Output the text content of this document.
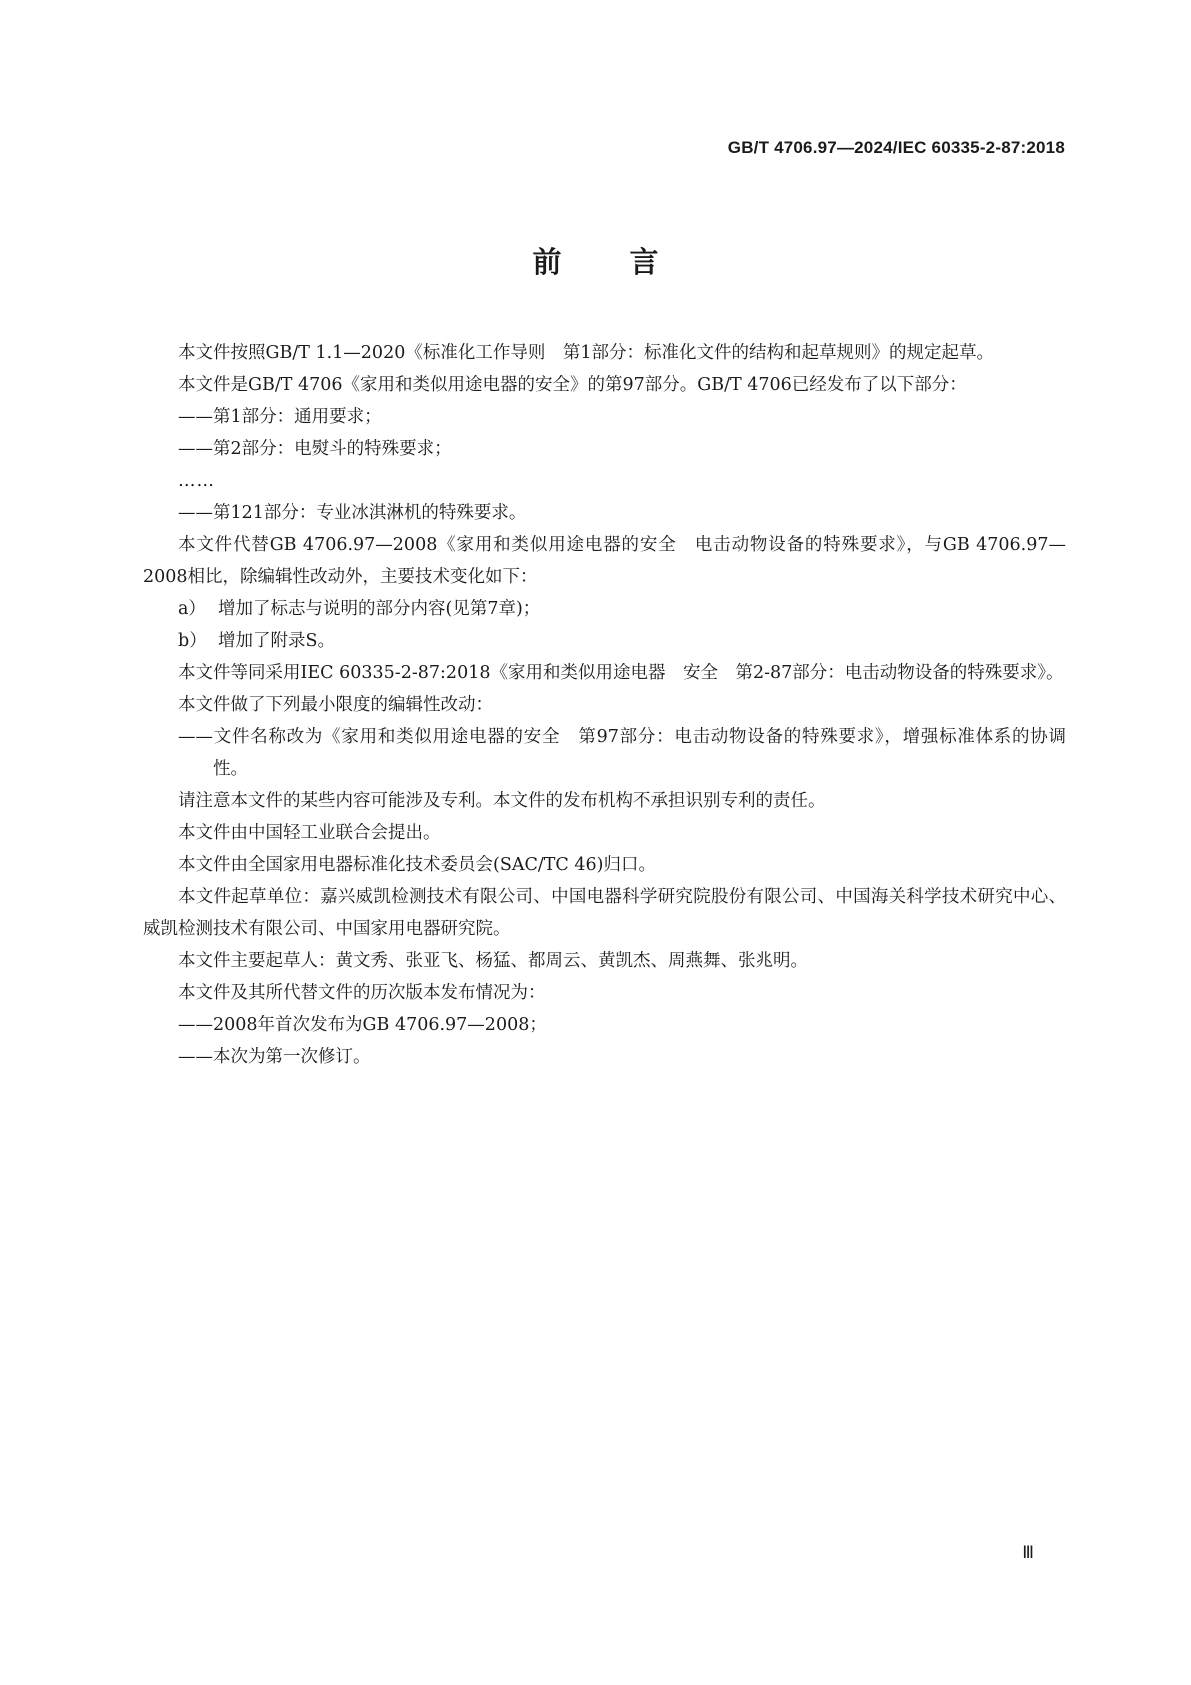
GB/T 4706.97—2024/IEC 60335-2-87:2018
前 言

本文件按照GB/T 1.1—2020《标准化工作导则　第1部分：标准化文件的结构和起草规则》的规定起草。

本文件是GB/T 4706《家用和类似用途电器的安全》的第97部分。GB/T 4706已经发布了以下部分：

——第1部分：通用要求；

——第2部分：电熨斗的特殊要求；

……

——第121部分：专业冰淇淋机的特殊要求。

本文件代替GB 4706.97—2008《家用和类似用途电器的安全　电击动物设备的特殊要求》，与GB 4706.97—2008相比，除编辑性改动外，主要技术变化如下：

a） 增加了标志与说明的部分内容(见第7章)；

b） 增加了附录S。

本文件等同采用IEC 60335-2-87:2018《家用和类似用途电器　安全　第2-87部分：电击动物设备的特殊要求》。

本文件做了下列最小限度的编辑性改动：

——文件名称改为《家用和类似用途电器的安全　第97部分：电击动物设备的特殊要求》，增强标准体系的协调性。

请注意本文件的某些内容可能涉及专利。本文件的发布机构不承担识别专利的责任。

本文件由中国轻工业联合会提出。

本文件由全国家用电器标准化技术委员会(SAC/TC 46)归口。

本文件起草单位：嘉兴威凯检测技术有限公司、中国电器科学研究院股份有限公司、中国海关科学技术研究中心、威凯检测技术有限公司、中国家用电器研究院。

本文件主要起草人：黄文秀、张亚飞、杨猛、都周云、黄凯杰、周燕舞、张兆明。

本文件及其所代替文件的历次版本发布情况为：

——2008年首次发布为GB 4706.97—2008；

——本次为第一次修订。

Ⅲ
